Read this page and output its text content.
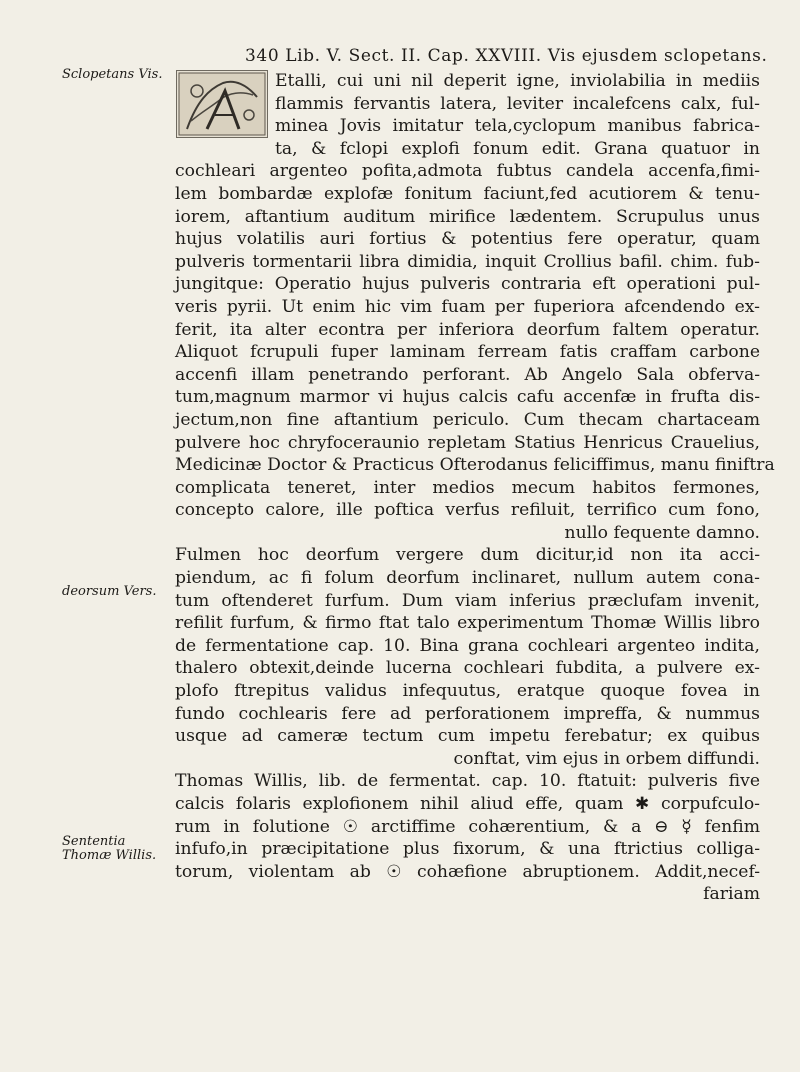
340 Lib. V. Sect. II. Cap. XXVIII. Vis ejusdem sclopetans.
Sclopetans Vis.
deorsum Vers.
Sententia Thomæ Willis.
Etalli, cui uni nil deperit igne, inviolabilia in mediis
flammis fervantis latera, leviter incalefcens calx, ful-
minea Jovis imitatur tela,cyclopum manibus fabrica-
ta, & fclopi explofi fonum edit. Grana quatuor in
cochleari argenteo pofita,admota fubtus candela accenfa,fimi-
lem bombardæ explofæ fonitum faciunt,fed acutiorem & tenu-
iorem, aftantium auditum mirifice lædentem. Scrupulus unus
hujus volatilis auri fortius & potentius fere operatur, quam
pulveris tormentarii libra dimidia, inquit Crollius bafil. chim. fub-
jungitque: Operatio hujus pulveris contraria eft operationi pul-
veris pyrii. Ut enim hic vim fuam per fuperiora afcendendo ex-
ferit, ita alter econtra per inferiora deorfum faltem operatur.
Aliquot fcrupuli fuper laminam ferream fatis craffam carbone
accenfi illam penetrando perforant. Ab Angelo Sala obferva-
tum,magnum marmor vi hujus calcis cafu accenfæ in frufta dis-
jectum,non fine aftantium periculo. Cum thecam chartaceam
pulvere hoc chryfoceraunio repletam Statius Henricus Crauelius,
Medicinæ Doctor & Practicus Ofterodanus feliciffimus, manu finiftra
complicata teneret, inter medios mecum habitos fermones,
concepto calore, ille poftica verfus refiluit, terrifico cum fono,
nullo fequente damno.
Fulmen hoc deorfum vergere dum dicitur,id non ita acci-
piendum, ac fi folum deorfum inclinaret, nullum autem cona-
tum oftenderet furfum. Dum viam inferius præclufam invenit,
refilit furfum, & firmo ftat talo experimentum Thomæ Willis libro
de fermentatione cap. 10. Bina grana cochleari argenteo indita,
thalero obtexit,deinde lucerna cochleari fubdita, a pulvere ex-
plofo ftrepitus validus infequutus, eratque quoque fovea in
fundo cochlearis fere ad perforationem impreffa, & nummus
usque ad cameræ tectum cum impetu ferebatur; ex quibus
conftat, vim ejus in orbem diffundi.
Thomas Willis, lib. de fermentat. cap. 10. ftatuit: pulveris five
calcis folaris explofionem nihil aliud effe, quam ✱ corpufculo-
rum in folutione ☉ arctiffime cohærentium, & a ⊖ ☿ fenfim
infufo,in præcipitatione plus fixorum, & una ftrictius colliga-
torum, violentam ab ☉ cohæfione abruptionem. Addit,necef-
fariam
